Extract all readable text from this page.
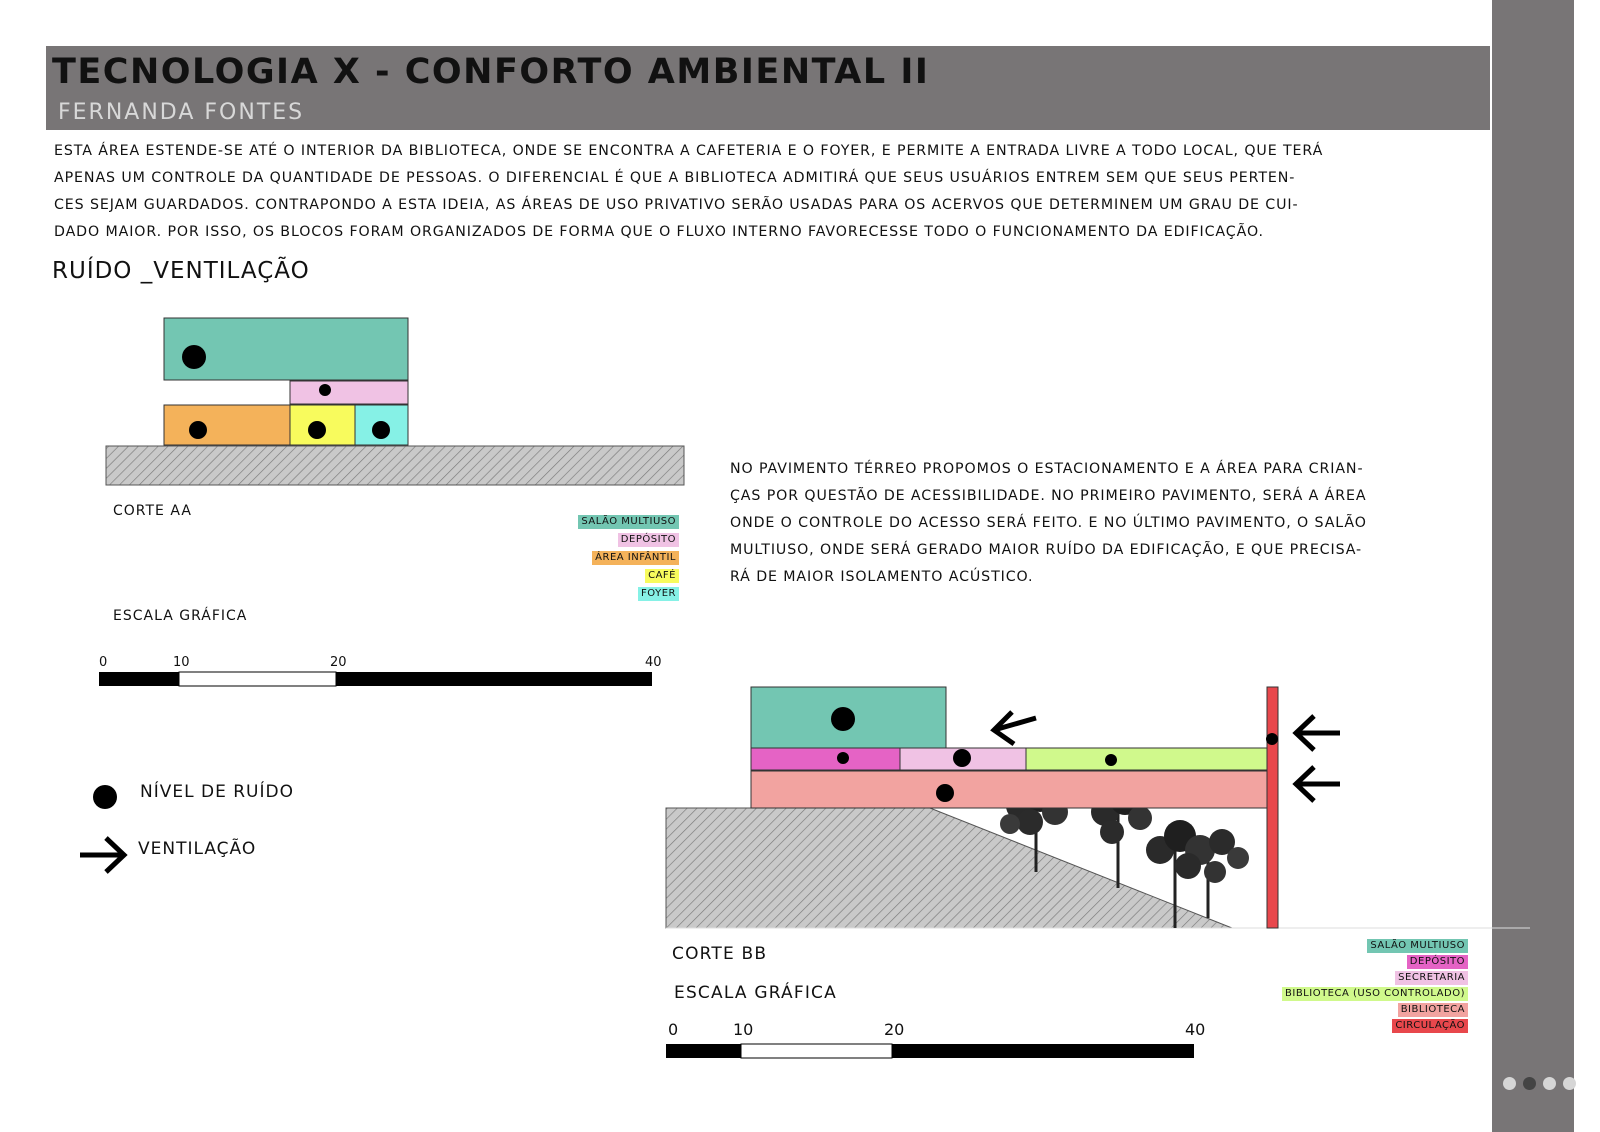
TECNOLOGIA X - CONFORTO AMBIENTAL II
FERNANDA FONTES
ESTA ÁREA ESTENDE-SE ATÉ O INTERIOR DA BIBLIOTECA, ONDE SE ENCONTRA A CAFETERIA E O FOYER, E PERMITE A ENTRADA LIVRE A TODO LOCAL, QUE TERÁ
APENAS UM CONTROLE DA QUANTIDADE DE PESSOAS. O DIFERENCIAL É QUE A BIBLIOTECA ADMITIRÁ QUE SEUS USUÁRIOS ENTREM SEM QUE SEUS PERTEN-
CES SEJAM GUARDADOS. CONTRAPONDO A ESTA IDEIA, AS ÁREAS DE USO PRIVATIVO SERÃO USADAS PARA OS ACERVOS QUE DETERMINEM UM GRAU DE CUI-
DADO MAIOR. POR ISSO, OS BLOCOS FORAM ORGANIZADOS DE FORMA QUE O FLUXO INTERNO FAVORECESSE TODO O FUNCIONAMENTO DA EDIFICAÇÃO.
RUÍDO _VENTILAÇÃO
NO PAVIMENTO TÉRREO PROPOMOS O ESTACIONAMENTO E A ÁREA PARA CRIAN-
ÇAS POR QUESTÃO DE ACESSIBILIDADE. NO PRIMEIRO PAVIMENTO, SERÁ A ÁREA
ONDE O CONTROLE DO ACESSO SERÁ FEITO. E NO ÚLTIMO PAVIMENTO, O SALÃO
MULTIUSO, ONDE SERÁ GERADO MAIOR RUÍDO DA EDIFICAÇÃO, E QUE PRECISA-
RÁ DE MAIOR ISOLAMENTO ACÚSTICO.
CORTE AA
ESCALA GRÁFICA
0	10	20	40
SALÃO MULTIUSO
DEPÓSITO
ÁREA INFÂNTIL
CAFÉ
FOYER
NÍVEL DE RUÍDO
VENTILAÇÃO
CORTE BB
ESCALA GRÁFICA
0	10	20	40
SALÃO MULTIUSO
DEPÓSITO
SECRETARIA
BIBLIOTECA (USO CONTROLADO)
BIBLIOTECA
CIRCULAÇÃO
